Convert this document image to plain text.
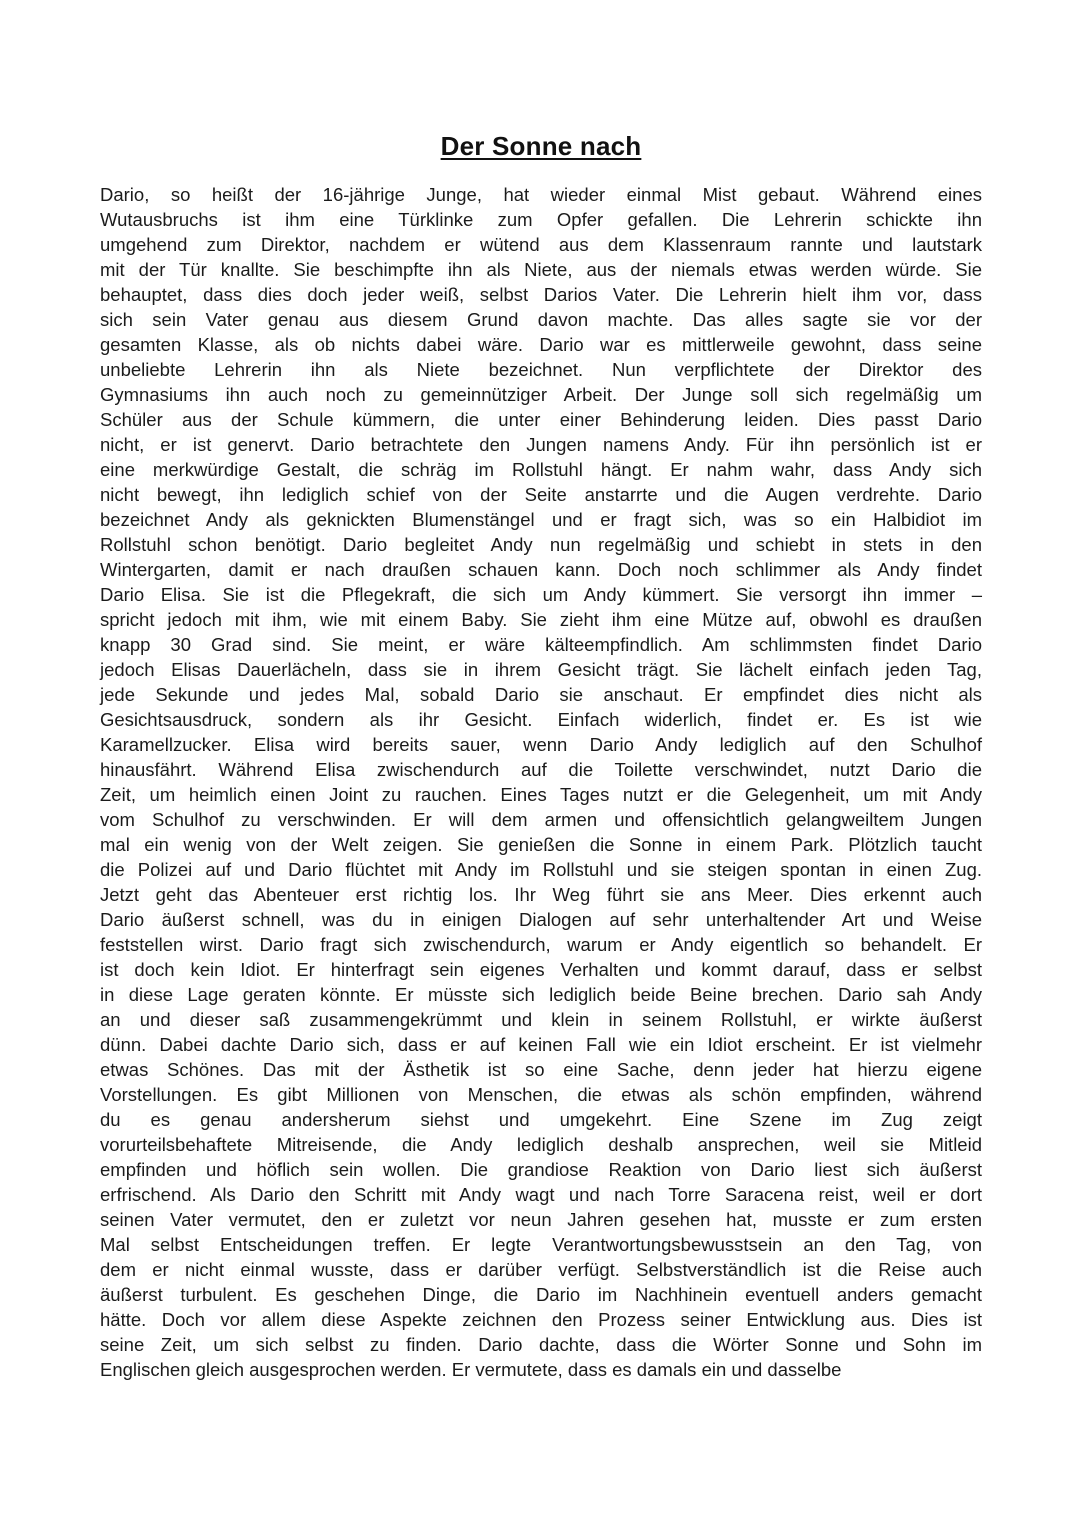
Der Sonne nach
Dario, so heißt der 16-jährige Junge, hat wieder einmal Mist gebaut. Während eines
Wutausbruchs ist ihm eine Türklinke zum Opfer gefallen. Die Lehrerin schickte ihn
umgehend zum Direktor, nachdem er wütend aus dem Klassenraum rannte und lautstark
mit der Tür knallte. Sie beschimpfte ihn als Niete, aus der niemals etwas werden würde. Sie
behauptet, dass dies doch jeder weiß, selbst Darios Vater. Die Lehrerin hielt ihm vor, dass
sich sein Vater genau aus diesem Grund davon machte. Das alles sagte sie vor der
gesamten Klasse, als ob nichts dabei wäre. Dario war es mittlerweile gewohnt, dass seine
unbeliebte Lehrerin ihn als Niete bezeichnet. Nun verpflichtete der Direktor des
Gymnasiums ihn auch noch zu gemeinnütziger Arbeit. Der Junge soll sich regelmäßig um
Schüler aus der Schule kümmern, die unter einer Behinderung leiden. Dies passt Dario
nicht, er ist genervt. Dario betrachtete den Jungen namens Andy. Für ihn persönlich ist er
eine merkwürdige Gestalt, die schräg im Rollstuhl hängt. Er nahm wahr, dass Andy sich
nicht bewegt, ihn lediglich schief von der Seite anstarrte und die Augen verdrehte. Dario
bezeichnet Andy als geknickten Blumenstängel und er fragt sich, was so ein Halbidiot im
Rollstuhl schon benötigt. Dario begleitet Andy nun regelmäßig und schiebt in stets in den
Wintergarten, damit er nach draußen schauen kann. Doch noch schlimmer als Andy findet
Dario Elisa. Sie ist die Pflegekraft, die sich um Andy kümmert. Sie versorgt ihn immer –
spricht jedoch mit ihm, wie mit einem Baby. Sie zieht ihm eine Mütze auf, obwohl es draußen
knapp 30 Grad sind. Sie meint, er wäre kälteempfindlich. Am schlimmsten findet Dario
jedoch Elisas Dauerlächeln, dass sie in ihrem Gesicht trägt. Sie lächelt einfach jeden Tag,
jede Sekunde und jedes Mal, sobald Dario sie anschaut. Er empfindet dies nicht als
Gesichtsausdruck, sondern als ihr Gesicht. Einfach widerlich, findet er. Es ist wie
Karamellzucker. Elisa wird bereits sauer, wenn Dario Andy lediglich auf den Schulhof
hinausfährt. Während Elisa zwischendurch auf die Toilette verschwindet, nutzt Dario die
Zeit, um heimlich einen Joint zu rauchen. Eines Tages nutzt er die Gelegenheit, um mit Andy
vom Schulhof zu verschwinden. Er will dem armen und offensichtlich gelangweiltem Jungen
mal ein wenig von der Welt zeigen. Sie genießen die Sonne in einem Park. Plötzlich taucht
die Polizei auf und Dario flüchtet mit Andy im Rollstuhl und sie steigen spontan in einen Zug.
Jetzt geht das Abenteuer erst richtig los. Ihr Weg führt sie ans Meer. Dies erkennt auch
Dario äußerst schnell, was du in einigen Dialogen auf sehr unterhaltender Art und Weise
feststellen wirst. Dario fragt sich zwischendurch, warum er Andy eigentlich so behandelt. Er
ist doch kein Idiot. Er hinterfragt sein eigenes Verhalten und kommt darauf, dass er selbst
in diese Lage geraten könnte. Er müsste sich lediglich beide Beine brechen. Dario sah Andy
an und dieser saß zusammengekrümmt und klein in seinem Rollstuhl, er wirkte äußerst
dünn. Dabei dachte Dario sich, dass er auf keinen Fall wie ein Idiot erscheint. Er ist vielmehr
etwas Schönes. Das mit der Ästhetik ist so eine Sache, denn jeder hat hierzu eigene
Vorstellungen. Es gibt Millionen von Menschen, die etwas als schön empfinden, während
du es genau andersherum siehst und umgekehrt. Eine Szene im Zug zeigt
vorurteilsbehaftete Mitreisende, die Andy lediglich deshalb ansprechen, weil sie Mitleid
empfinden und höflich sein wollen. Die grandiose Reaktion von Dario liest sich äußerst
erfrischend. Als Dario den Schritt mit Andy wagt und nach Torre Saracena reist, weil er dort
seinen Vater vermutet, den er zuletzt vor neun Jahren gesehen hat, musste er zum ersten
Mal selbst Entscheidungen treffen. Er legte Verantwortungsbewusstsein an den Tag, von
dem er nicht einmal wusste, dass er darüber verfügt. Selbstverständlich ist die Reise auch
äußerst turbulent. Es geschehen Dinge, die Dario im Nachhinein eventuell anders gemacht
hätte. Doch vor allem diese Aspekte zeichnen den Prozess seiner Entwicklung aus. Dies ist
seine Zeit, um sich selbst zu finden. Dario dachte, dass die Wörter Sonne und Sohn im
Englischen gleich ausgesprochen werden. Er vermutete, dass es damals ein und dasselbe
